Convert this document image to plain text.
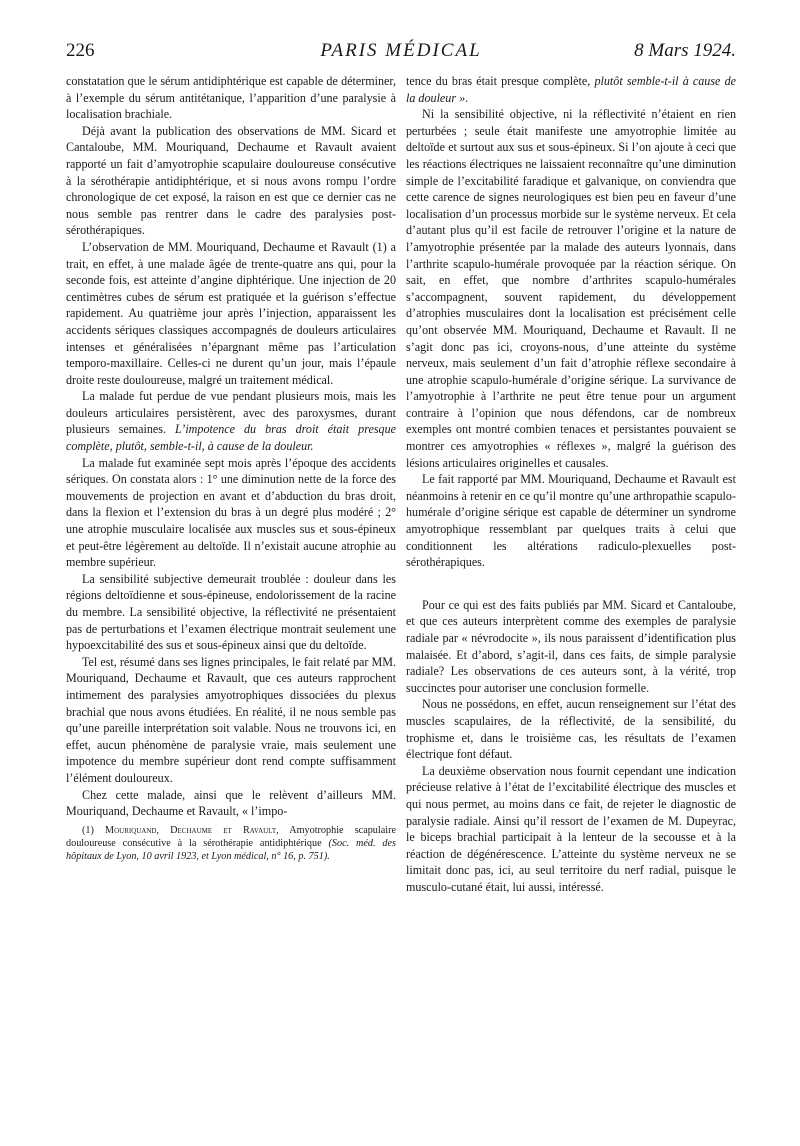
226	PARIS MÉDICAL	8 Mars 1924.

constatation que le sérum antidiphtérique est capable de déterminer, à l’exemple du sérum antitétanique, l’apparition d’une paralysie à localisation brachiale.

Déjà avant la publication des observations de MM. Sicard et Cantaloube, MM. Mouriquand, Dechaume et Ravault avaient rapporté un fait d’amyotrophie scapulaire douloureuse consécutive à la sérothérapie antidiphtérique, et si nous avons rompu l’ordre chronologique de cet exposé, la raison en est que ce dernier cas ne nous semble pas rentrer dans le cadre des paralysies post-sérothérapiques.

L’observation de MM. Mouriquand, Dechaume et Ravault (1) a trait, en effet, à une malade âgée de trente-quatre ans qui, pour la seconde fois, est atteinte d’angine diphtérique. Une injection de 20 centimètres cubes de sérum est pratiquée et la guérison s’effectue rapidement. Au quatrième jour après l’injection, apparaissent les accidents sériques classiques accompagnés de douleurs articulaires intenses et généralisées n’épargnant même pas l’articulation temporo-maxillaire. Celles-ci ne durent qu’un jour, mais l’épaule droite reste douloureuse, malgré un traitement médical.

La malade fut perdue de vue pendant plusieurs mois, mais les douleurs articulaires persistèrent, avec des paroxysmes, durant plusieurs semaines. L’impotence du bras droit était presque complète, plutôt, semble-t-il, à cause de la douleur.

La malade fut examinée sept mois après l’époque des accidents sériques. On constata alors : 1° une diminution nette de la force des mouvements de projection en avant et d’abduction du bras droit, dans la flexion et l’extension du bras à un degré plus modéré ; 2° une atrophie musculaire localisée aux muscles sus et sous-épineux et peut-être légèrement au deltoïde. Il n’existait aucune atrophie au membre supérieur.

La sensibilité subjective demeurait troublée : douleur dans les régions deltoïdienne et sous-épineuse, endolorissement de la racine du membre. La sensibilité objective, la réflectivité ne présentaient pas de perturbations et l’examen électrique montrait seulement une hypoexcitabilité des sus et sous-épineux ainsi que du deltoïde.

Tel est, résumé dans ses lignes principales, le fait relaté par MM. Mouriquand, Dechaume et Ravault, que ces auteurs rapprochent intimement des paralysies amyotrophiques dissociées du plexus brachial que nous avons étudiées. En réalité, il ne nous semble pas qu’une pareille interprétation soit valable. Nous ne trouvons ici, en effet, aucun phénomène de paralysie vraie, mais seulement une impotence du membre supérieur dont rend compte suffisamment l’élément douloureux.

Chez cette malade, ainsi que le relèvent d’ailleurs MM. Mouriquand, Dechaume et Ravault, « l’impo-

(1) Mouriquand, Dechaume et Ravault, Amyotrophie scapulaire douloureuse consécutive à la sérothérapie antidiphtérique (Soc. méd. des hôpitaux de Lyon, 10 avril 1923, et Lyon médical, n° 16, p. 751).

tence du bras était presque complète, plutôt semble-t-il à cause de la douleur ».

Ni la sensibilité objective, ni la réflectivité n’étaient en rien perturbées ; seule était manifeste une amyotrophie limitée au deltoïde et surtout aux sus et sous-épineux. Si l’on ajoute à ceci que les réactions électriques ne laissaient reconnaître qu’une diminution simple de l’excitabilité faradique et galvanique, on conviendra que cette carence de signes neurologiques est bien peu en faveur d’une localisation d’un processus morbide sur le système nerveux. Et cela d’autant plus qu’il est facile de retrouver l’origine et la nature de l’amyotrophie présentée par la malade des auteurs lyonnais, dans l’arthrite scapulo-humérale provoquée par la réaction sérique. On sait, en effet, que nombre d’arthrites scapulo-humérales s’accompagnent, souvent rapidement, du développement d’atrophies musculaires dont la localisation est précisément celle qu’ont observée MM. Mouriquand, Dechaume et Ravault. Il ne s’agit donc pas ici, croyons-nous, d’une atteinte du système nerveux, mais seulement d’un fait d’atrophie réflexe secondaire à une atrophie scapulo-humérale d’origine sérique. La survivance de l’amyotrophie à l’arthrite ne peut être tenue pour un argument contraire à l’opinion que nous défendons, car de nombreux exemples ont montré combien tenaces et persistantes pouvaient se montrer ces amyotrophies « réflexes », malgré la guérison des lésions articulaires originelles et causales.

Le fait rapporté par MM. Mouriquand, Dechaume et Ravault est néanmoins à retenir en ce qu’il montre qu’une arthropathie scapulo-humérale d’origine sérique est capable de déterminer un syndrome amyotrophique ressemblant par quelques traits à celui que conditionnent les altérations radiculo-plexuelles post-sérothérapiques.

Pour ce qui est des faits publiés par MM. Sicard et Cantaloube, et que ces auteurs interprètent comme des exemples de paralysie radiale par « névrodocite », ils nous paraissent d’identification plus malaisée. Et d’abord, s’agit-il, dans ces faits, de simple paralysie radiale? Les observations de ces auteurs sont, à la vérité, trop succinctes pour autoriser une conclusion formelle.

Nous ne possédons, en effet, aucun renseignement sur l’état des muscles scapulaires, de la réflectivité, de la sensibilité, du trophisme et, dans le troisième cas, les résultats de l’examen électrique font défaut.

La deuxième observation nous fournit cependant une indication précieuse relative à l’état de l’excitabilité électrique des muscles et qui nous permet, au moins dans ce fait, de rejeter le diagnostic de paralysie radiale. Ainsi qu’il ressort de l’examen de M. Dupeyrac, le biceps brachial participait à la lenteur de la secousse et à la réaction de dégénérescence. L’atteinte du système nerveux ne se limitait donc pas, ici, au seul territoire du nerf radial, puisque le musculo-cutané était, lui aussi, intéressé.
